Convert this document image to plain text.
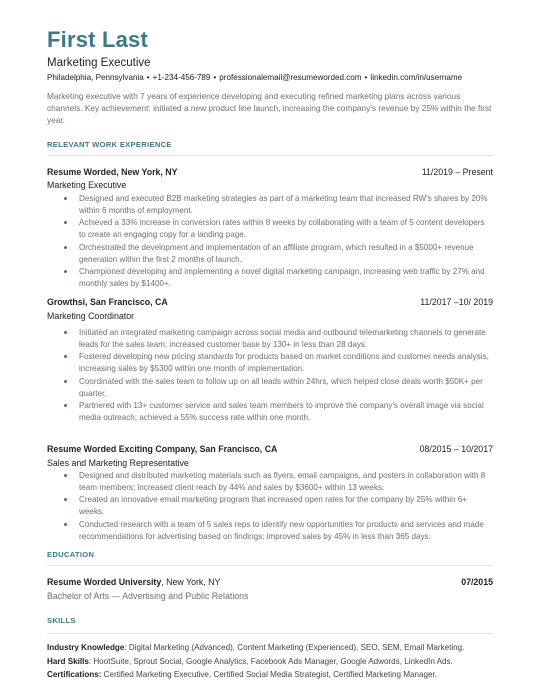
First Last
Marketing Executive
Philadelphia, Pennsylvania • +1-234-456-789 • professionalemail@resumeworded.com • linkedin.com/in/username
Marketing executive with 7 years of experience developing and executing refined marketing plans across various channels. Key achievement: initiated a new product line launch, increasing the company's revenue by 25% within the first year.
RELEVANT WORK EXPERIENCE
Resume Worded, New York, NY	11/2019 – Present
Marketing Executive
Designed and executed B2B marketing strategies as part of a marketing team that increased RW's shares by 20% within 6 months of employment.
Achieved a 33% increase in conversion rates within 8 weeks by collaborating with a team of 5 content developers to create an engaging copy for a landing page.
Orchestrated the development and implementation of an affiliate program, which resulted in a $5000+ revenue generation within the first 2 months of launch.
Championed developing and implementing a novel digital marketing campaign, increasing web traffic by 27% and monthly sales by $1400+.
Growthsi, San Francisco, CA	11/2017 –10/ 2019
Marketing Coordinator
Initiated an integrated marketing campaign across social media and outbound telemarketing channels to generate leads for the sales team; increased customer base by 130+ in less than 28 days.
Fostered developing new pricing standards for products based on market conditions and customer needs analysis, increasing sales by $5300 within one month of implementation.
Coordinated with the sales team to follow up on all leads within 24hrs, which helped close deals worth $50K+ per quarter.
Partnered with 13+ customer service and sales team members to improve the company's overall image via social media outreach; achieved a 55% success rate within one month.
Resume Worded Exciting Company, San Francisco, CA	08/2015 – 10/2017
Sales and Marketing Representative
Designed and distributed marketing materials such as flyers, email campaigns, and posters in collaboration with 8 team members; increased client reach by 44% and sales by $3600+ within 13 weeks.
Created an innovative email marketing program that increased open rates for the company by 25% within 6+ weeks.
Conducted research with a team of 5 sales reps to identify new opportunities for products and services and made recommendations for advertising based on findings; improved sales by 45% in less than 365 days.
EDUCATION
Resume Worded University, New York, NY	07/2015
Bachelor of Arts — Advertising and Public Relations
SKILLS
Industry Knowledge: Digital Marketing (Advanced), Content Marketing (Experienced), SEO, SEM, Email Marketing.
Hard Skills: HootSuite, Sprout Social, Google Analytics, Facebook Ads Manager, Google Adwords, LinkedIn Ads.
Certifications: Certified Marketing Executive, Certified Social Media Strategist, Certified Marketing Manager.
